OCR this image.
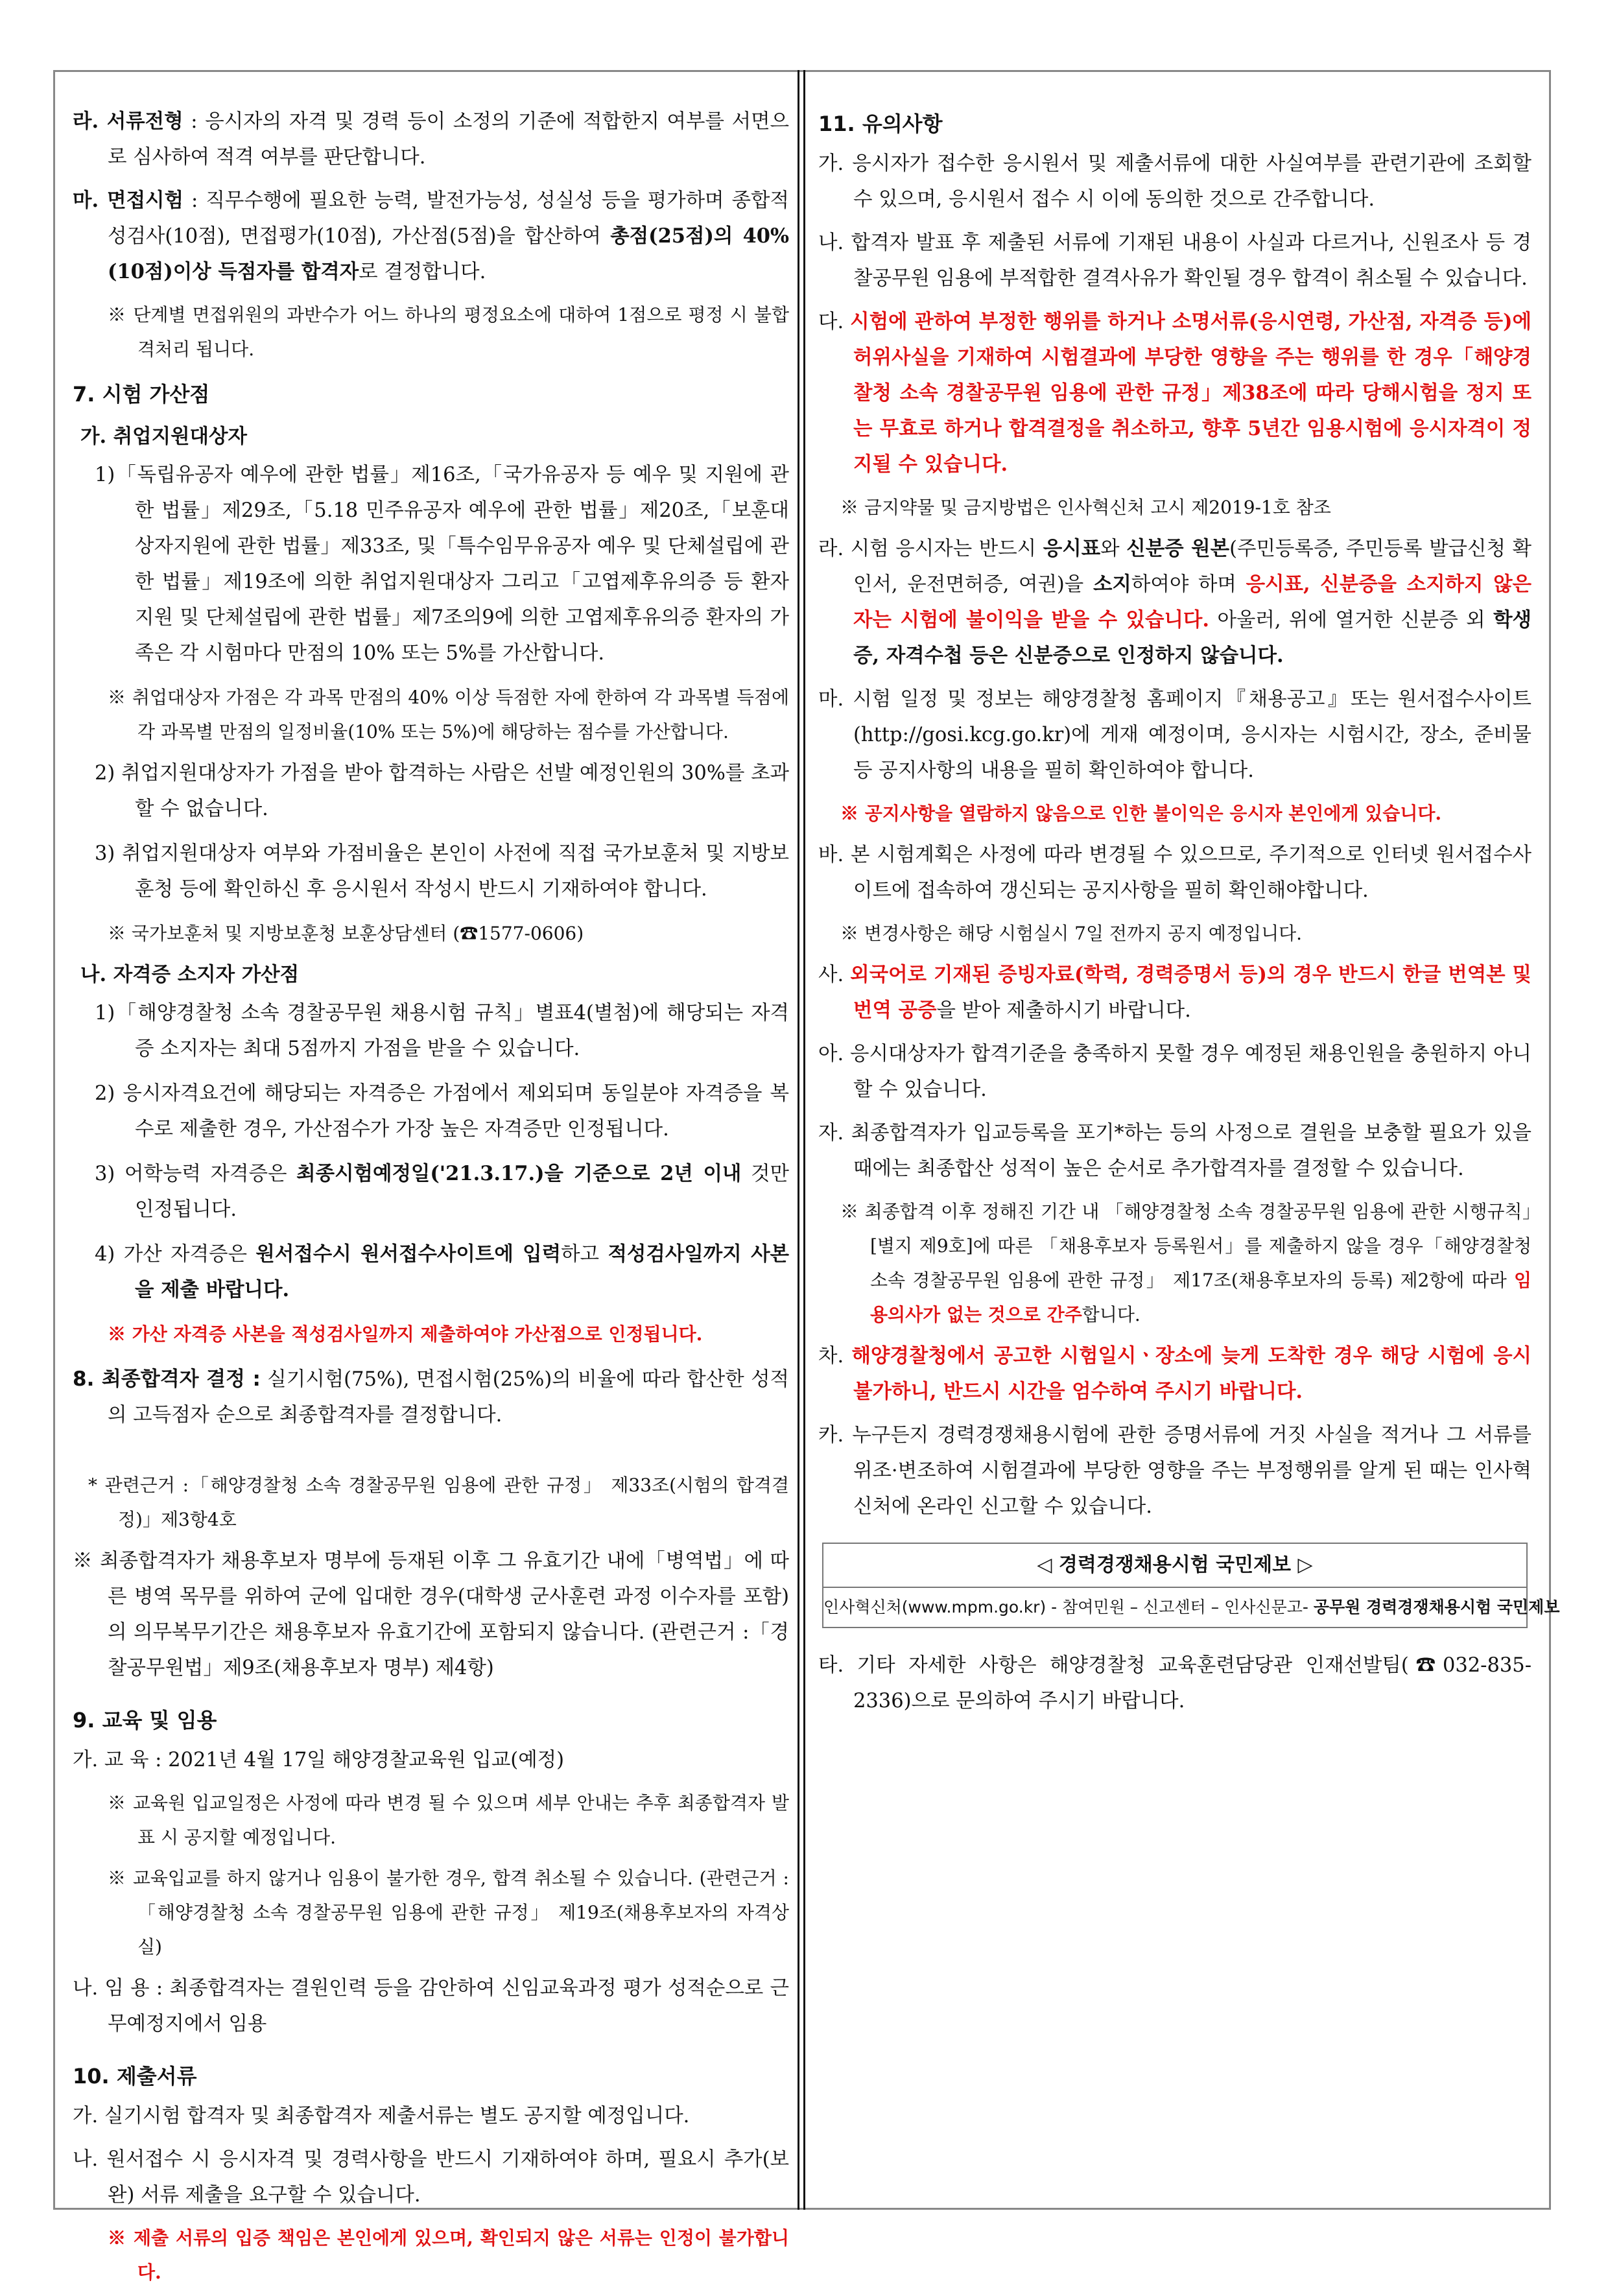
라. 서류전형 : 응시자의 자격 및 경력 등이 소정의 기준에 적합한지 여부를 서면으로 심사하여 적격 여부를 판단합니다.

마. 면접시험 : 직무수행에 필요한 능력, 발전가능성, 성실성 등을 평가하며 종합적성검사(10점), 면접평가(10점), 가산점(5점)을 합산하여 총점(25점)의 40% (10점)이상 득점자를 합격자로 결정합니다.

※ 단계별 면접위원의 과반수가 어느 하나의 평정요소에 대하여 1점으로 평정 시 불합격처리 됩니다.

7. 시험 가산점
가. 취업지원대상자

1)「독립유공자 예우에 관한 법률」제16조,「국가유공자 등 예우 및 지원에 관한 법률」제29조,「5.18 민주유공자 예우에 관한 법률」제20조,「보훈대상자지원에 관한 법률」제33조, 및「특수임무유공자 예우 및 단체설립에 관한 법률」제19조에 의한 취업지원대상자 그리고「고엽제후유의증 등 환자지원 및 단체설립에 관한 법률」제7조의9에 의한 고엽제후유의증 환자의 가족은 각 시험마다 만점의 10% 또는 5%를 가산합니다.

※ 취업대상자 가점은 각 과목 만점의 40% 이상 득점한 자에 한하여 각 과목별 득점에 각 과목별 만점의 일정비율(10% 또는 5%)에 해당하는 점수를 가산합니다.

2) 취업지원대상자가 가점을 받아 합격하는 사람은 선발 예정인원의 30%를 초과할 수 없습니다.

3) 취업지원대상자 여부와 가점비율은 본인이 사전에 직접 국가보훈처 및 지방보훈청 등에 확인하신 후 응시원서 작성시 반드시 기재하여야 합니다.

※ 국가보훈처 및 지방보훈청 보훈상담센터 (☎1577-0606)

나. 자격증 소지자 가산점

1)「해양경찰청 소속 경찰공무원 채용시험 규칙」별표4(별첨)에 해당되는 자격증 소지자는 최대 5점까지 가점을 받을 수 있습니다.

2) 응시자격요건에 해당되는 자격증은 가점에서 제외되며 동일분야 자격증을 복수로 제출한 경우, 가산점수가 가장 높은 자격증만 인정됩니다.

3) 어학능력 자격증은 최종시험예정일('21.3.17.)을 기준으로 2년 이내 것만 인정됩니다.

4) 가산 자격증은 원서접수시 원서접수사이트에 입력하고 적성검사일까지 사본을 제출 바랍니다.

※ 가산 자격증 사본을 적성검사일까지 제출하여야 가산점으로 인정됩니다.

8. 최종합격자 결정 : 실기시험(75%), 면접시험(25%)의 비율에 따라 합산한 성적의 고득점자 순으로 최종합격자를 결정합니다.

* 관련근거 :「해양경찰청 소속 경찰공무원 임용에 관한 규정」 제33조(시험의 합격결정)」제3항4호

※ 최종합격자가 채용후보자 명부에 등재된 이후 그 유효기간 내에「병역법」에 따른 병역 목무를 위하여 군에 입대한 경우(대학생 군사훈련 과정 이수자를 포함)의 의무복무기간은 채용후보자 유효기간에 포함되지 않습니다. (관련근거 :「경찰공무원법」제9조(채용후보자 명부) 제4항)

9. 교육 및 임용

가. 교 육 : 2021년 4월 17일 해양경찰교육원 입교(예정)

※ 교육원 입교일정은 사정에 따라 변경 될 수 있으며 세부 안내는 추후 최종합격자 발표 시 공지할 예정입니다.

※ 교육입교를 하지 않거나 임용이 불가한 경우, 합격 취소될 수 있습니다. (관련근거 : 「해양경찰청 소속 경찰공무원 임용에 관한 규정」 제19조(채용후보자의 자격상실)

나. 임 용 : 최종합격자는 결원인력 등을 감안하여 신임교육과정 평가 성적순으로 근무예정지에서 임용

10. 제출서류

가. 실기시험 합격자 및 최종합격자 제출서류는 별도 공지할 예정입니다.

나. 원서접수 시 응시자격 및 경력사항을 반드시 기재하여야 하며, 필요시 추가(보완) 서류 제출을 요구할 수 있습니다.

※ 제출 서류의 입증 책임은 본인에게 있으며, 확인되지 않은 서류는 인정이 불가합니다.

11. 유의사항

가. 응시자가 접수한 응시원서 및 제출서류에 대한 사실여부를 관련기관에 조회할 수 있으며, 응시원서 접수 시 이에 동의한 것으로 간주합니다.

나. 합격자 발표 후 제출된 서류에 기재된 내용이 사실과 다르거나, 신원조사 등 경찰공무원 임용에 부적합한 결격사유가 확인될 경우 합격이 취소될 수 있습니다.

다. 시험에 관하여 부정한 행위를 하거나 소명서류(응시연령, 가산점, 자격증 등)에 허위사실을 기재하여 시험결과에 부당한 영향을 주는 행위를 한 경우「해양경찰청 소속 경찰공무원 임용에 관한 규정」제38조에 따라 당해시험을 정지 또는 무효로 하거나 합격결정을 취소하고, 향후 5년간 임용시험에 응시자격이 정지될 수 있습니다.

※ 금지약물 및 금지방법은 인사혁신처 고시 제2019-1호 참조

라. 시험 응시자는 반드시 응시표와 신분증 원본(주민등록증, 주민등록 발급신청 확인서, 운전면허증, 여권)을 소지하여야 하며 응시표, 신분증을 소지하지 않은 자는 시험에 불이익을 받을 수 있습니다. 아울러, 위에 열거한 신분증 외 학생증, 자격수첩 등은 신분증으로 인정하지 않습니다.

마. 시험 일정 및 정보는 해양경찰청 홈페이지『채용공고』또는 원서접수사이트(http://gosi.kcg.go.kr)에 게재 예정이며, 응시자는 시험시간, 장소, 준비물 등 공지사항의 내용을 필히 확인하여야 합니다.

※ 공지사항을 열람하지 않음으로 인한 불이익은 응시자 본인에게 있습니다.

바. 본 시험계획은 사정에 따라 변경될 수 있으므로, 주기적으로 인터넷 원서접수사이트에 접속하여 갱신되는 공지사항을 필히 확인해야합니다.

※ 변경사항은 해당 시험실시 7일 전까지 공지 예정입니다.

사. 외국어로 기재된 증빙자료(학력, 경력증명서 등)의 경우 반드시 한글 번역본 및 번역 공증을 받아 제출하시기 바랍니다.

아. 응시대상자가 합격기준을 충족하지 못할 경우 예정된 채용인원을 충원하지 아니할 수 있습니다.

자. 최종합격자가 입교등록을 포기*하는 등의 사정으로 결원을 보충할 필요가 있을 때에는 최종합산 성적이 높은 순서로 추가합격자를 결정할 수 있습니다.

※ 최종합격 이후 정해진 기간 내 「해양경찰청 소속 경찰공무원 임용에 관한 시행규칙」[별지 제9호]에 따른 「채용후보자 등록원서」를 제출하지 않을 경우「해양경찰청 소속 경찰공무원 임용에 관한 규정」 제17조(채용후보자의 등록) 제2항에 따라 임용의사가 없는 것으로 간주합니다.

차. 해양경찰청에서 공고한 시험일시ㆍ장소에 늦게 도착한 경우 해당 시험에 응시 불가하니, 반드시 시간을 엄수하여 주시기 바랍니다.

카. 누구든지 경력경쟁채용시험에 관한 증명서류에 거짓 사실을 적거나 그 서류를 위조·변조하여 시험결과에 부당한 영향을 주는 부정행위를 알게 된 때는 인사혁신처에 온라인 신고할 수 있습니다.

◁ 경력경쟁채용시험 국민제보 ▷
인사혁신처(www.mpm.go.kr) - 참여민원 – 신고센터 – 인사신문고- 공무원 경력경쟁채용시험 국민제보

타. 기타 자세한 사항은 해양경찰청 교육훈련담당관 인재선발팀(☎032-835-2336)으로 문의하여 주시기 바랍니다.
